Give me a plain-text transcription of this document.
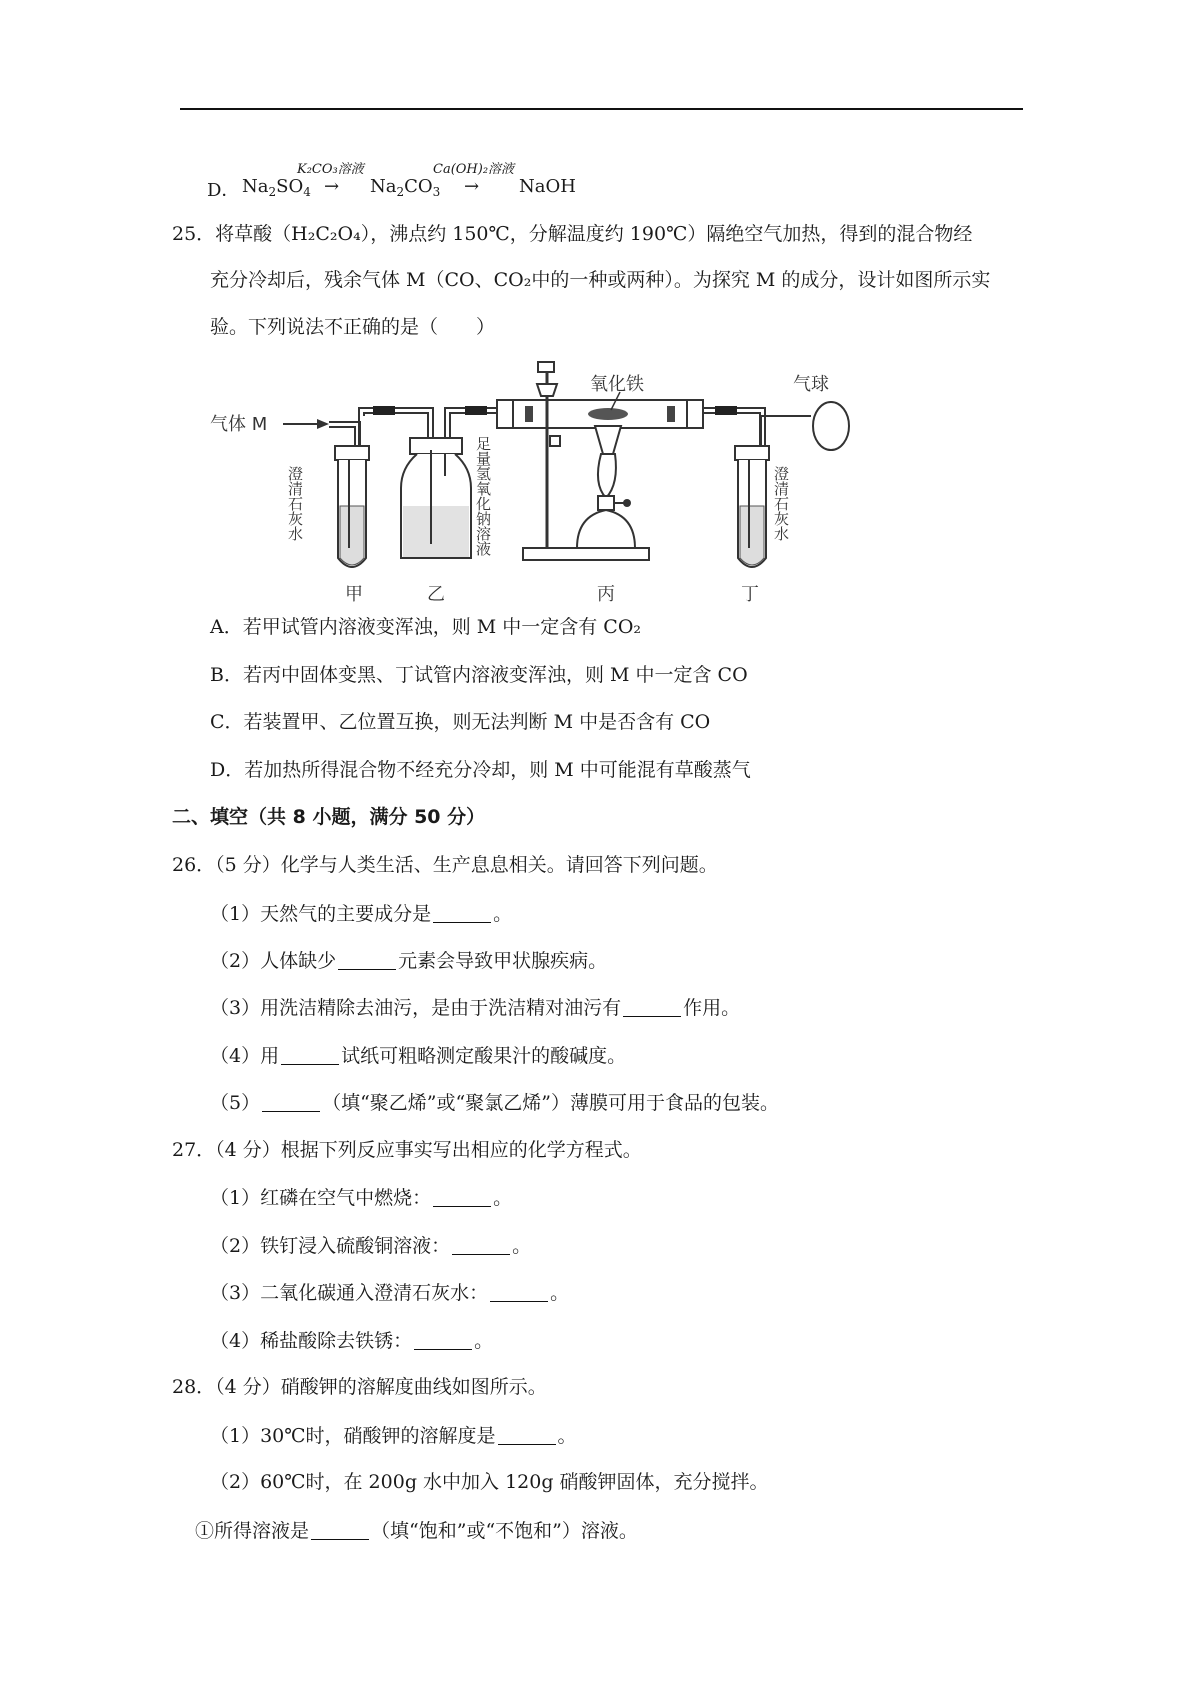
D． $Na_2SO_4$
K₂CO₃溶液
→ $Na_2CO_3$
Ca(OH)₂溶液
→ NaOH
25．将草酸（H₂C₂O₄），沸点约 150℃，分解温度约 190℃）隔绝空气加热，得到的混合物经
充分冷却后，残余气体 M（CO、CO₂中的一种或两种）。为探究 M 的成分，设计如图所示实
验。下列说法不正确的是（　　）
气体 M
氧化铁	气球
澄清石灰水	足量氢氧化钠溶液	澄清石灰水
甲	乙	丙	丁
A．若甲试管内溶液变浑浊，则 M 中一定含有 CO₂
B．若丙中固体变黑、丁试管内溶液变浑浊，则 M 中一定含 CO
C．若装置甲、乙位置互换，则无法判断 M 中是否含有 CO
D．若加热所得混合物不经充分冷却，则 M 中可能混有草酸蒸气
二、填空（共 8 小题，满分 50 分）
26．（5 分）化学与人类生活、生产息息相关。请回答下列问题。
（1）天然气的主要成分是	。
（2）人体缺少	元素会导致甲状腺疾病。
（3）用洗洁精除去油污，是由于洗洁精对油污有	作用。
（4）用	试纸可粗略测定酸果汁的酸碱度。
（5）	（填“聚乙烯”或“聚氯乙烯”）薄膜可用于食品的包装。
27．（4 分）根据下列反应事实写出相应的化学方程式。
（1）红磷在空气中燃烧：	。
（2）铁钉浸入硫酸铜溶液：	。
（3）二氧化碳通入澄清石灰水：	。
（4）稀盐酸除去铁锈：	。
28．（4 分）硝酸钾的溶解度曲线如图所示。
（1）30℃时，硝酸钾的溶解度是	。
（2）60℃时，在 200g 水中加入 120g 硝酸钾固体，充分搅拌。
①所得溶液是	（填“饱和”或“不饱和”）溶液。
